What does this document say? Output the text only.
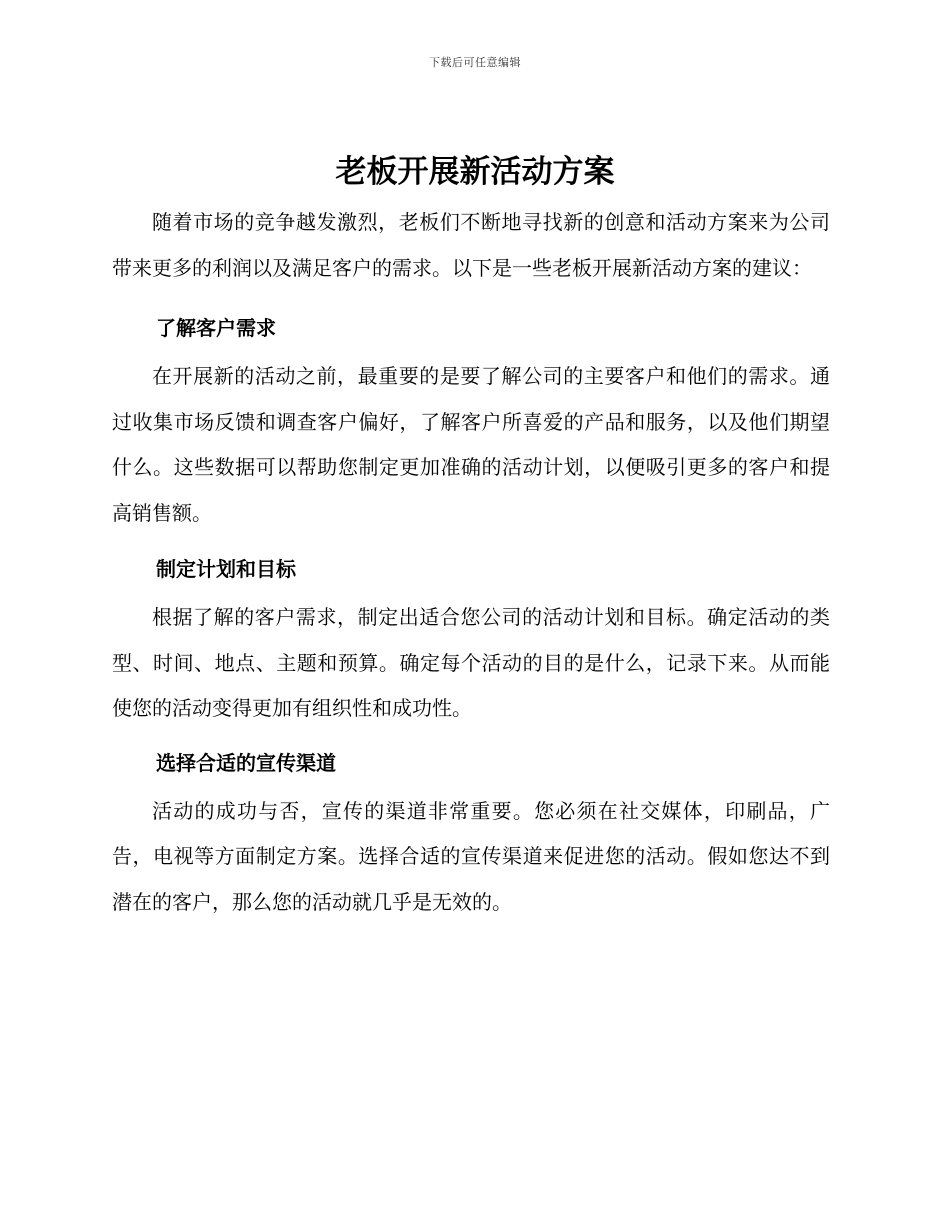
下载后可任意编辑
老板开展新活动方案

随着市场的竞争越发激烈，老板们不断地寻找新的创意和活动方案来为公司带来更多的利润以及满足客户的需求。以下是一些老板开展新活动方案的建议：

了解客户需求

在开展新的活动之前，最重要的是要了解公司的主要客户和他们的需求。通过收集市场反馈和调查客户偏好，了解客户所喜爱的产品和服务，以及他们期望什么。这些数据可以帮助您制定更加准确的活动计划，以便吸引更多的客户和提高销售额。

制定计划和目标

根据了解的客户需求，制定出适合您公司的活动计划和目标。确定活动的类型、时间、地点、主题和预算。确定每个活动的目的是什么，记录下来。从而能使您的活动变得更加有组织性和成功性。

选择合适的宣传渠道

活动的成功与否，宣传的渠道非常重要。您必须在社交媒体，印刷品，广告，电视等方面制定方案。选择合适的宣传渠道来促进您的活动。假如您达不到潜在的客户，那么您的活动就几乎是无效的。
